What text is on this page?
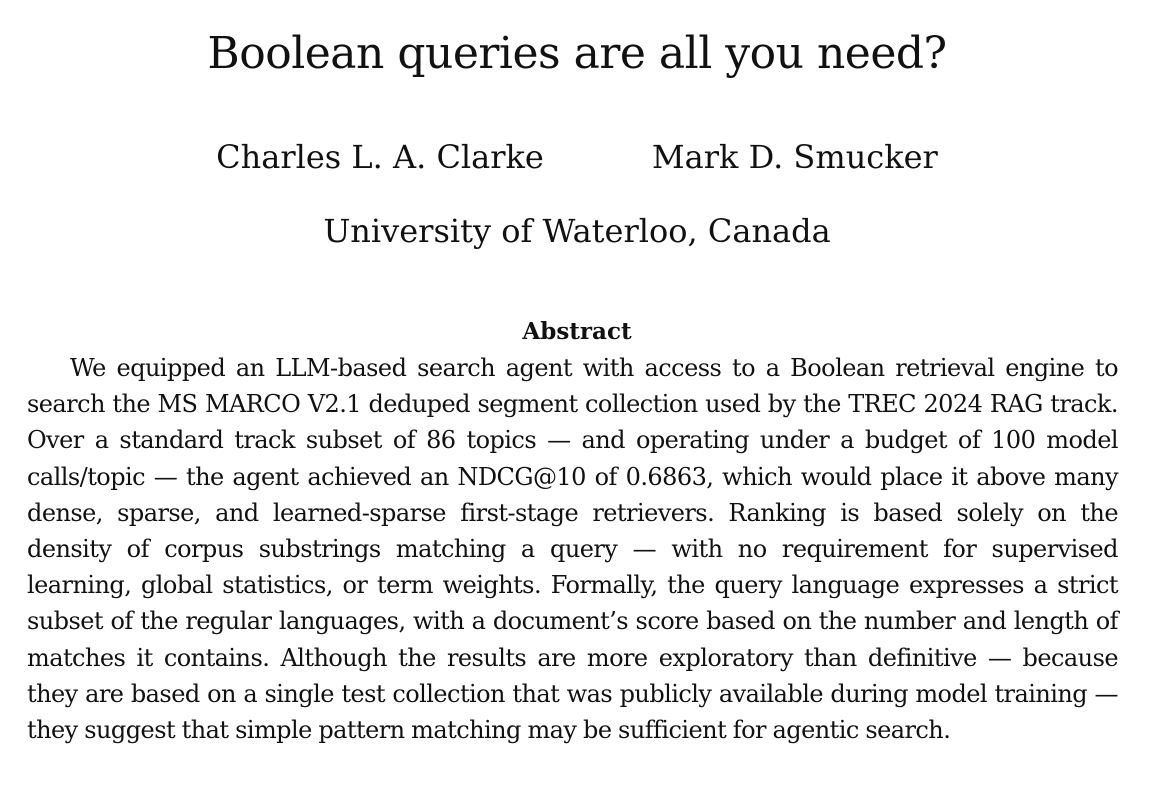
Boolean queries are all you need?
Charles L. A. Clarke	Mark D. Smucker
University of Waterloo, Canada
Abstract

We equipped an LLM-based search agent with access to a Boolean retrieval engine to search the MS MARCO V2.1 deduped segment collection used by the TREC 2024 RAG track. Over a standard track subset of 86 topics — and operating under a budget of 100 model calls/topic — the agent achieved an NDCG@10 of 0.6863, which would place it above many dense, sparse, and learned-sparse first-stage retrievers. Ranking is based solely on the density of corpus substrings matching a query — with no requirement for supervised learning, global statistics, or term weights. Formally, the query language expresses a strict subset of the regular languages, with a document’s score based on the number and length of matches it contains. Although the results are more exploratory than definitive — because they are based on a single test collection that was publicly available during model training — they suggest that simple pattern matching may be sufficient for agentic search.
